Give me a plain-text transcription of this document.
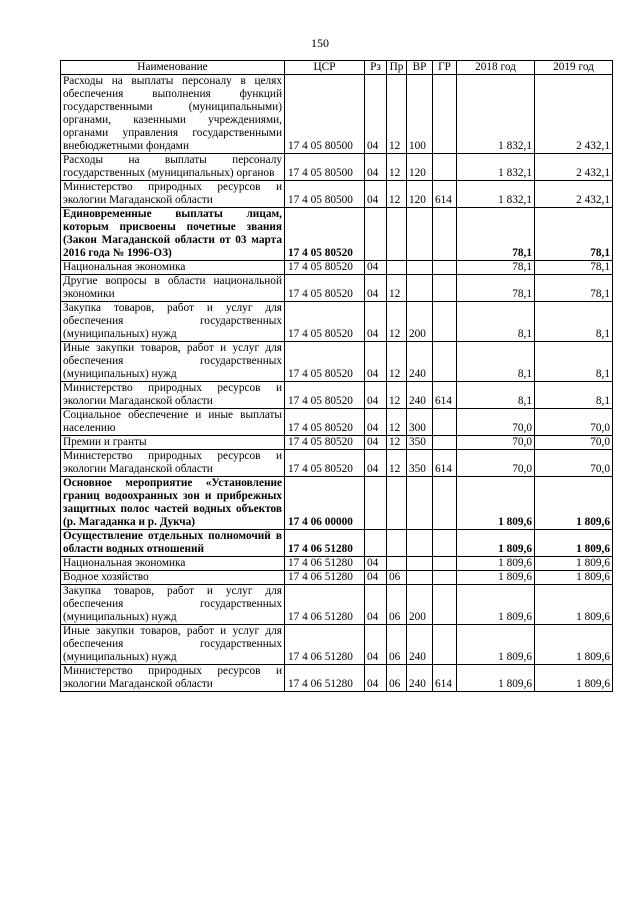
150
Наименование	ЦСР	Рз	Пр	ВР	ГР	2018 год	2019 год
Расходы на выплаты персоналу в целях обеспечения выполнения функций государственными (муниципальными) органами, казенными учреждениями, органами управления государственными внебюджетными фондами	17 4 05 80500	04	12	100		1 832,1	2 432,1
Расходы на выплаты персоналу государственных (муниципальных) органов	17 4 05 80500	04	12	120		1 832,1	2 432,1
Министерство природных ресурсов и экологии Магаданской области	17 4 05 80500	04	12	120	614	1 832,1	2 432,1
Единовременные выплаты лицам, которым присвоены почетные звания (Закон Магаданской области от 03 марта 2016 года № 1996-ОЗ)	17 4 05 80520					78,1	78,1
Национальная экономика	17 4 05 80520	04				78,1	78,1
Другие вопросы в области национальной экономики	17 4 05 80520	04	12			78,1	78,1
Закупка товаров, работ и услуг для обеспечения государственных (муниципальных) нужд	17 4 05 80520	04	12	200		8,1	8,1
Иные закупки товаров, работ и услуг для обеспечения государственных (муниципальных) нужд	17 4 05 80520	04	12	240		8,1	8,1
Министерство природных ресурсов и экологии Магаданской области	17 4 05 80520	04	12	240	614	8,1	8,1
Социальное обеспечение и иные выплаты населению	17 4 05 80520	04	12	300		70,0	70,0
Премии и гранты	17 4 05 80520	04	12	350		70,0	70,0
Министерство природных ресурсов и экологии Магаданской области	17 4 05 80520	04	12	350	614	70,0	70,0
Основное мероприятие «Установление границ водоохранных зон и прибрежных защитных полос частей водных объектов (р. Магаданка и р. Дукча)	17 4 06 00000					1 809,6	1 809,6
Осуществление отдельных полномочий в области водных отношений	17 4 06 51280					1 809,6	1 809,6
Национальная экономика	17 4 06 51280	04				1 809,6	1 809,6
Водное хозяйство	17 4 06 51280	04	06			1 809,6	1 809,6
Закупка товаров, работ и услуг для обеспечения государственных (муниципальных) нужд	17 4 06 51280	04	06	200		1 809,6	1 809,6
Иные закупки товаров, работ и услуг для обеспечения государственных (муниципальных) нужд	17 4 06 51280	04	06	240		1 809,6	1 809,6
Министерство природных ресурсов и экологии Магаданской области	17 4 06 51280	04	06	240	614	1 809,6	1 809,6
